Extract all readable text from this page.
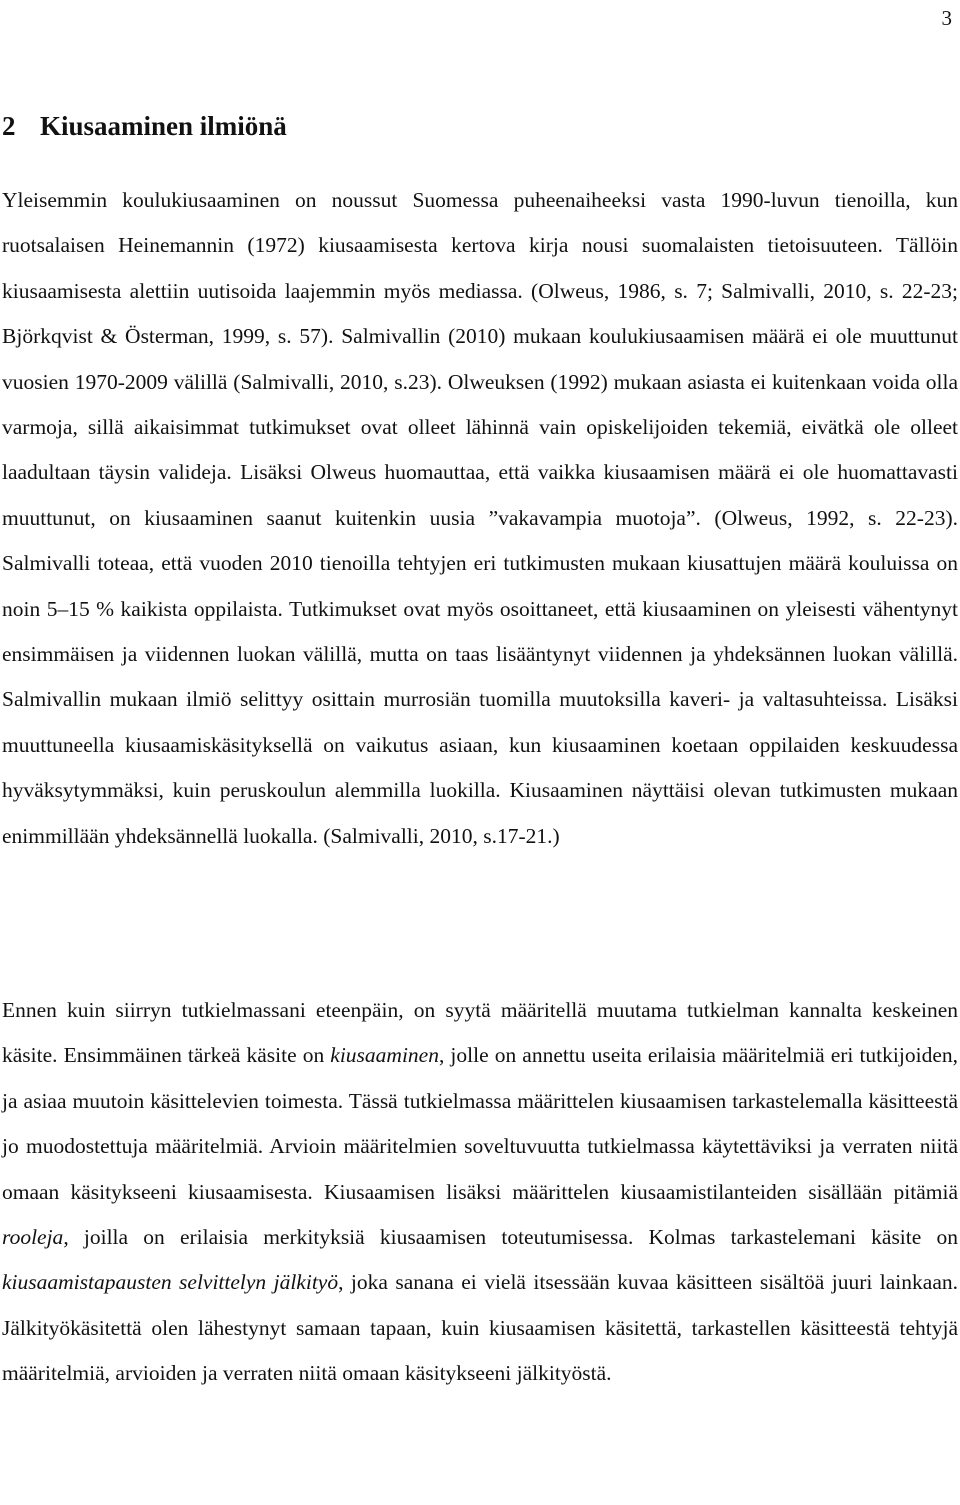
3
2 Kiusaaminen ilmiönä

Yleisemmin koulukiusaaminen on noussut Suomessa puheenaiheeksi vasta 1990-luvun tienoilla, kun ruotsalaisen Heinemannin (1972) kiusaamisesta kertova kirja nousi suomalaisten tietoisuuteen. Tällöin kiusaamisesta alettiin uutisoida laajemmin myös mediassa. (Olweus, 1986, s. 7; Salmivalli, 2010, s. 22-23; Björkqvist & Österman, 1999, s. 57). Salmivallin (2010) mukaan koulukiusaamisen määrä ei ole muuttunut vuosien 1970-2009 välillä (Salmivalli, 2010, s.23). Olweuksen (1992) mukaan asiasta ei kuitenkaan voida olla varmoja, sillä aikaisimmat tutkimukset ovat olleet lähinnä vain opiskelijoiden tekemiä, eivätkä ole olleet laadultaan täysin valideja. Lisäksi Olweus huomauttaa, että vaikka kiusaamisen määrä ei ole huomattavasti muuttunut, on kiusaaminen saanut kuitenkin uusia ”vakavampia muotoja”. (Olweus, 1992, s. 22-23). Salmivalli toteaa, että vuoden 2010 tienoilla tehtyjen eri tutkimusten mukaan kiusattujen määrä kouluissa on noin 5–15 % kaikista oppilaista. Tutkimukset ovat myös osoittaneet, että kiusaaminen on yleisesti vähentynyt ensimmäisen ja viidennen luokan välillä, mutta on taas lisääntynyt viidennen ja yhdeksännen luokan välillä. Salmivallin mukaan ilmiö selittyy osittain murrosiän tuomilla muutoksilla kaveri- ja valtasuhteissa. Lisäksi muuttuneella kiusaamiskäsityksellä on vaikutus asiaan, kun kiusaaminen koetaan oppilaiden keskuudessa hyväksytymmäksi, kuin peruskoulun alemmilla luokilla. Kiusaaminen näyttäisi olevan tutkimusten mukaan enimmillään yhdeksännellä luokalla. (Salmivalli, 2010, s.17-21.)

Ennen kuin siirryn tutkielmassani eteenpäin, on syytä määritellä muutama tutkielman kannalta keskeinen käsite. Ensimmäinen tärkeä käsite on kiusaaminen, jolle on annettu useita erilaisia määritelmiä eri tutkijoiden, ja asiaa muutoin käsittelevien toimesta. Tässä tutkielmassa määrittelen kiusaamisen tarkastelemalla käsitteestä jo muodostettuja määritelmiä. Arvioin määritelmien soveltuvuutta tutkielmassa käytettäviksi ja verraten niitä omaan käsitykseeni kiusaamisesta. Kiusaamisen lisäksi määrittelen kiusaamistilanteiden sisällään pitämiä rooleja, joilla on erilaisia merkityksiä kiusaamisen toteutumisessa. Kolmas tarkastelemani käsite on kiusaamistapausten selvittelyn jälkityö, joka sanana ei vielä itsessään kuvaa käsitteen sisältöä juuri lainkaan. Jälkityökäsitettä olen lähestynyt samaan tapaan, kuin kiusaamisen käsitettä, tarkastellen käsitteestä tehtyjä määritelmiä, arvioiden ja verraten niitä omaan käsitykseeni jälkityöstä.
